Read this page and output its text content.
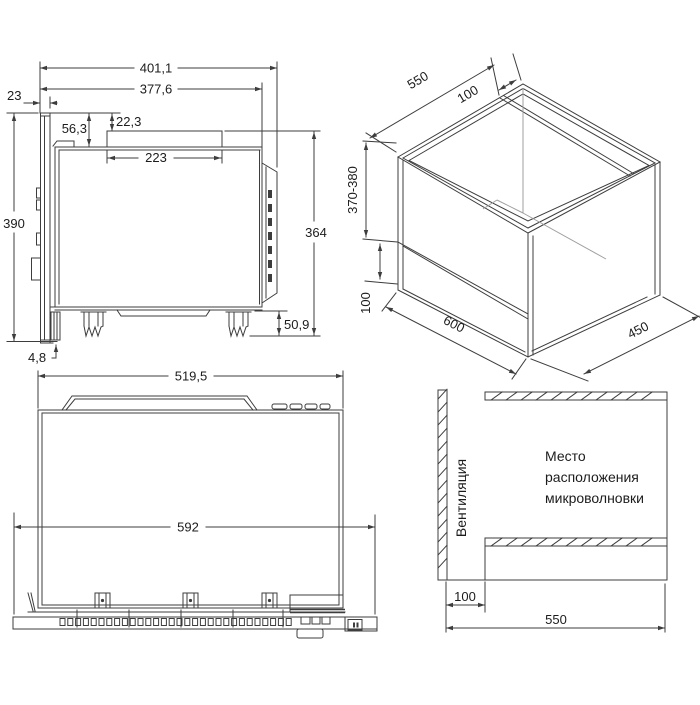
401,1
377,6
23
56,3 22,3
223
390
364
50,9
4,8
550
100
370-380
100
600	450
519,5
592	Вентиляция
Место
расположения
микроволновки
100
550
